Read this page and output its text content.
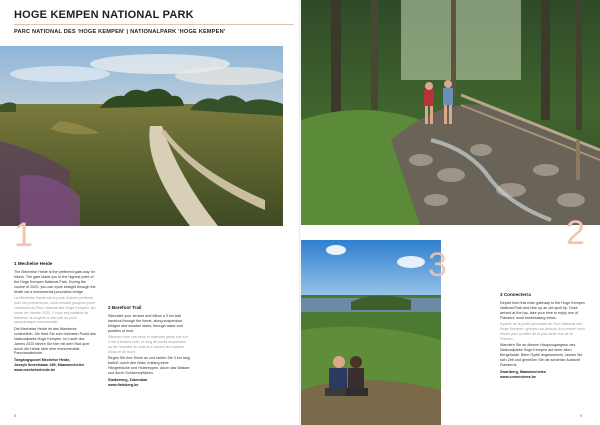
HOGE KEMPEN NATIONAL PARK
PARC NATIONAL DES 'HOGE KEMPEN' | NATIONALPARK 'HOGE KEMPEN'
1
1 Mechelse Heide
The Mechelse Heide is the preferred gate-way for hikers. The gate leads you to the highest point of the Hoge Kempen National Park. During the course of 2020, you can cycle straight through the heath via a monumental panoramic bridge.
La Mechelse Heide est la porte d'accès préférée pour les promeneurs, vous menant jusqu'au point culminant du Parc national des Hoge Kempen. Au cours de l'année 2020, il vous est possible de traverser la bruyère à vélo par un pont panoramique monumental.
Die Mechelse Heide ist das Wandertor schlechthin. Sie führt Sie zum höchsten Punkt des Nationalparks Hoge Kempen. Im Laufe des Jahres 2020 fahren Sie hier mit dem Rad quer durch die Heide über eine monumentale Panoramabrücke.
Toegangspoort Mechelse Heide,
Joseph Smeetslaan 289, Maasmechelen
www.mechelseheide.be
2 Barefoot Trail
Stimulate your senses and follow a 3 km trail barefoot through the forest, along suspension bridges and wooden stairs, through water and puddles of mud.
Stimulez tous vos sens et marchez pieds nus sur 3 km à travers bois, le long de ponts suspendus ou de l'escalier en bois et à travers les bassins d'eau et de boue.
Regen Sie Ihre Sinne an und laufen Sie 3 km lang barfuß durch den Wald, entlang einer Hängebrücke und Holztreppen, durch das Wasser und durch Schlammpfützen.
Stalkerweg, Zutendaal
www.fietsberg.be
8
2
3
3 Connecterra
Depart from this main gateway to the Hoge Kempen National Park and hike up an old spoil tip. Once arrived at the top, take your time to enjoy one of Flanders' most breathtaking views.
A partir de la porte principale du Parc National des Hoge Kempen, grimpez au-dessus d'un ancien terril minier pour profiter de la plus belle vue de la Flandre.
Wandern Sie an diesem Hauptzugangstor des Nationalparks Hoge Kempen auf einer alten Bergehalde. Beim Gipfel angekommen, lassen Sie sich Zeit und genießen Sie die schönste Aussicht Flanderns.
Zwartberg, Maasmechelen
www.connecterra.be
9
